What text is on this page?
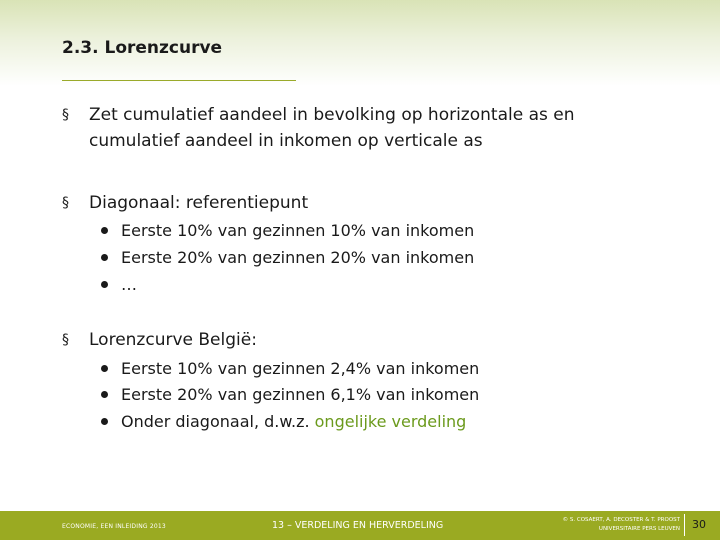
2.3. Lorenzcurve
§ Zet cumulatief aandeel in bevolking op horizontale as en
cumulatief aandeel in inkomen op verticale as
§ Diagonaal: referentiepunt
Eerste 10% van gezinnen 10% van inkomen
Eerste 20% van gezinnen 20% van inkomen
…
§ Lorenzcurve België:
Eerste 10% van gezinnen 2,4% van inkomen
Eerste 20% van gezinnen 6,1% van inkomen
Onder diagonaal, d.w.z. ongelijke verdeling
ECONOMIE, EEN INLEIDING 2013	13 – VERDELING EN HERVERDELING	© S. COSAERT, A. DECOSTER & T. PROOST
UNIVERSITAIRE PERS LEUVEN 30
